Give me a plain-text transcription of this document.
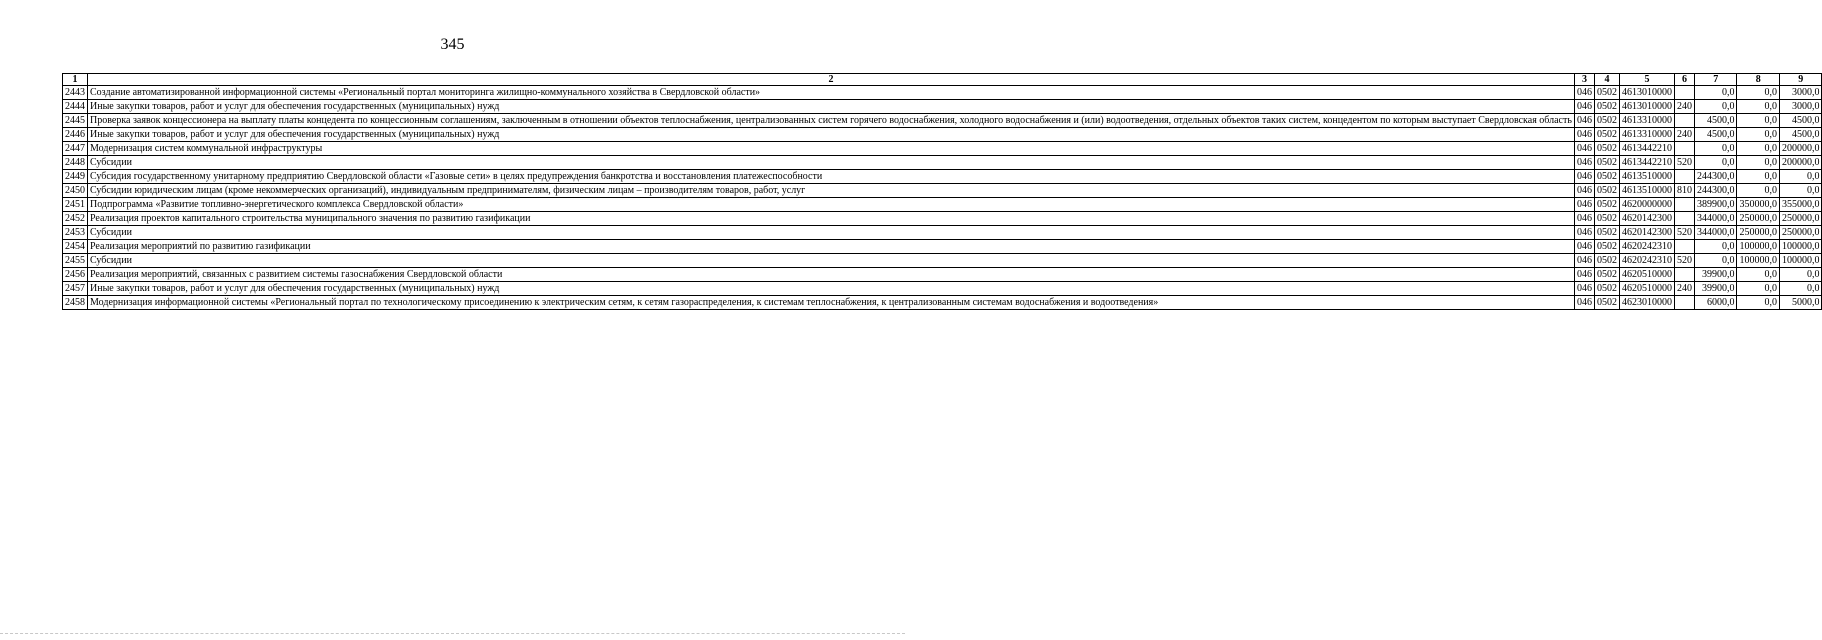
345
1	2	3	4	5	6	7	8	9
2443	Создание автоматизированной информационной системы «Региональный портал мониторинга жилищно-коммунального хозяйства в Свердловской области»	046	0502	4613010000		0,0	0,0	3000,0
2444	Иные закупки товаров, работ и услуг для обеспечения государственных (муниципальных) нужд	046	0502	4613010000	240	0,0	0,0	3000,0
2445	Проверка заявок концессионера на выплату платы концедента по концессионным соглашениям, заключенным в отношении объектов теплоснабжения, централизованных систем горячего водоснабжения, холодного водоснабжения и (или) водоотведения, отдельных объектов таких систем, концедентом по которым выступает Свердловская область	046	0502	4613310000		4500,0	0,0	4500,0
2446	Иные закупки товаров, работ и услуг для обеспечения государственных (муниципальных) нужд	046	0502	4613310000	240	4500,0	0,0	4500,0
2447	Модернизация систем коммунальной инфраструктуры	046	0502	4613442210		0,0	0,0	200000,0
2448	Субсидии	046	0502	4613442210	520	0,0	0,0	200000,0
2449	Субсидия государственному унитарному предприятию Свердловской области «Газовые сети» в целях предупреждения банкротства и восстановления платежеспособности	046	0502	4613510000		244300,0	0,0	0,0
2450	Субсидии юридическим лицам (кроме некоммерческих организаций), индивидуальным предпринимателям, физическим лицам – производителям товаров, работ, услуг	046	0502	4613510000	810	244300,0	0,0	0,0
2451	Подпрограмма «Развитие топливно-энергетического комплекса Свердловской области»	046	0502	4620000000		389900,0	350000,0	355000,0
2452	Реализация проектов капитального строительства муниципального значения по развитию газификации	046	0502	4620142300		344000,0	250000,0	250000,0
2453	Субсидии	046	0502	4620142300	520	344000,0	250000,0	250000,0
2454	Реализация мероприятий по развитию газификации	046	0502	4620242310		0,0	100000,0	100000,0
2455	Субсидии	046	0502	4620242310	520	0,0	100000,0	100000,0
2456	Реализация мероприятий, связанных с развитием системы газоснабжения Свердловской области	046	0502	4620510000		39900,0	0,0	0,0
2457	Иные закупки товаров, работ и услуг для обеспечения государственных (муниципальных) нужд	046	0502	4620510000	240	39900,0	0,0	0,0
2458	Модернизация информационной системы «Региональный портал по технологическому присоединению к электрическим сетям, к сетям газораспределения, к системам теплоснабжения, к централизованным системам водоснабжения и водоотведения»	046	0502	4623010000		6000,0	0,0	5000,0
